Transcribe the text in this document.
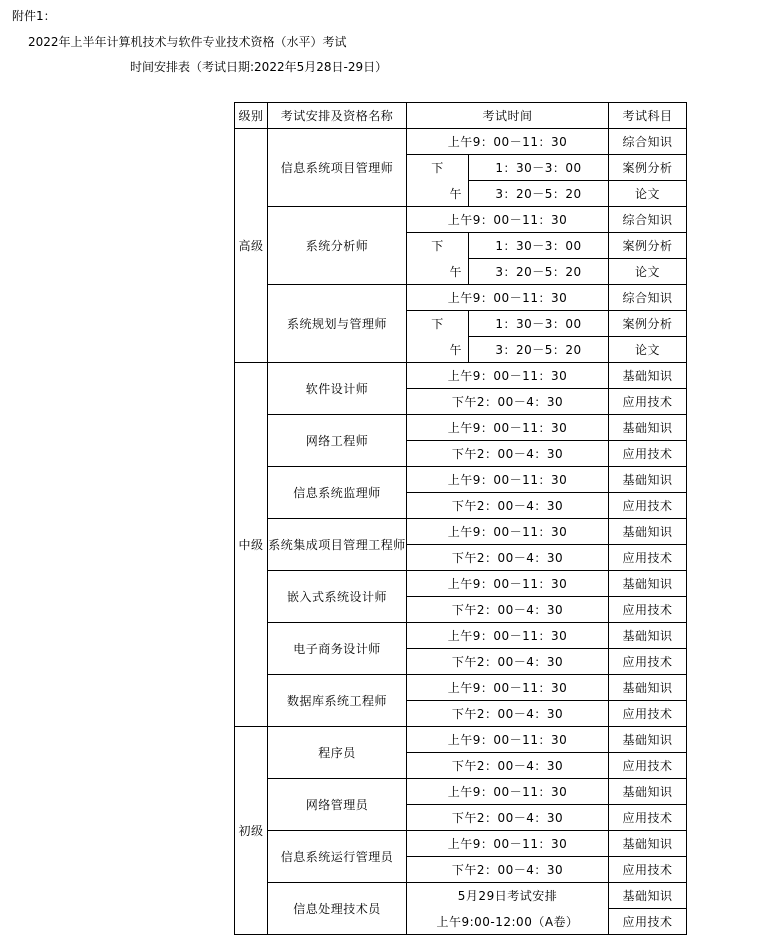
附件1：
2022年上半年计算机技术与软件专业技术资格（水平）考试
时间安排表（考试日期:2022年5月28日-29日）
级别	考试安排及资格名称	考试时间		考试科目
高级	信息系统项目管理师	上午9：00－11：30		综合知识
		下	1：30－3：00	案例分析
		午	3：20－5：20	论文
	系统分析师	上午9：00－11：30		综合知识
		下	1：30－3：00	案例分析
		午	3：20－5：20	论文
	系统规划与管理师	上午9：00－11：30		综合知识
		下	1：30－3：00	案例分析
		午	3：20－5：20	论文
中级	软件设计师	上午9：00－11：30		基础知识
		下午2：00－4：30		应用技术
	网络工程师	上午9：00－11：30		基础知识
		下午2：00－4：30		应用技术
	信息系统监理师	上午9：00－11：30		基础知识
		下午2：00－4：30		应用技术
	系统集成项目管理工程师	上午9：00－11：30		基础知识
		下午2：00－4：30		应用技术
	嵌入式系统设计师	上午9：00－11：30		基础知识
		下午2：00－4：30		应用技术
	电子商务设计师	上午9：00－11：30		基础知识
		下午2：00－4：30		应用技术
	数据库系统工程师	上午9：00－11：30		基础知识
		下午2：00－4：30		应用技术
初级	程序员	上午9：00－11：30		基础知识
		下午2：00－4：30		应用技术
	网络管理员	上午9：00－11：30		基础知识
		下午2：00－4：30		应用技术
	信息系统运行管理员	上午9：00－11：30		基础知识
		下午2：00－4：30		应用技术
	信息处理技术员	5月29日考试安排		基础知识
		上午9:00-12:00（A卷）		应用技术
